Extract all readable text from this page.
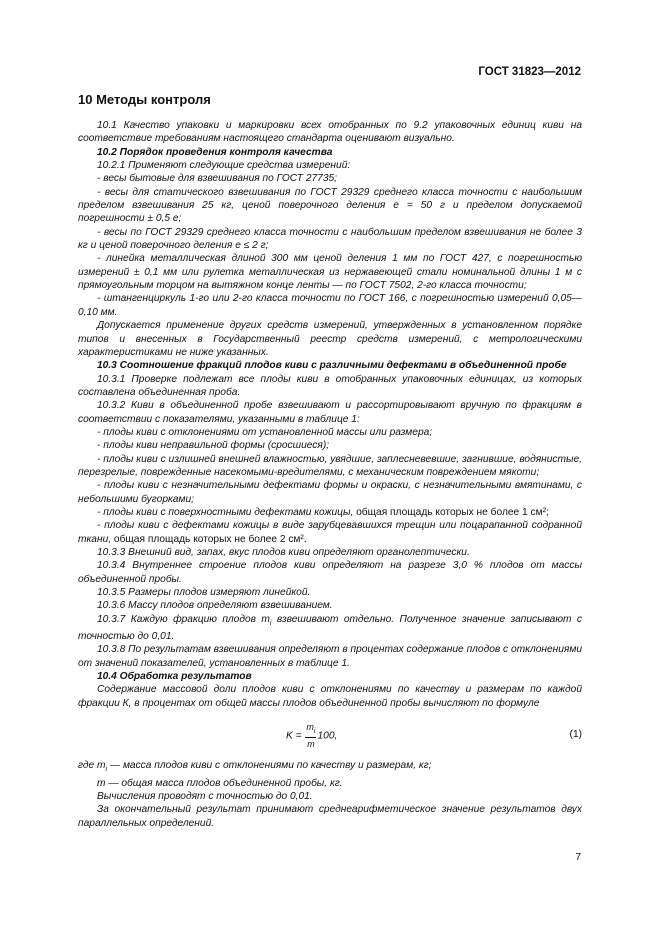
ГОСТ 31823—2012

10 Методы контроля

10.1 Качество упаковки и маркировки всех отобранных по 9.2 упаковочных единиц киви на соответствие требованиям настоящего стандарта оценивают визуально.

10.2 Порядок проведения контроля качества

10.2.1 Применяют следующие средства измерений:

- весы бытовые для взвешивания по ГОСТ 27735;

- весы для статического взвешивания по ГОСТ 29329 среднего класса точности с наибольшим пределом взвешивания 25 кг, ценой поверочного деления е = 50 г и пределом допускаемой погрешности ± 0,5 е;

- весы по ГОСТ 29329 среднего класса точности с наибольшим пределом взвешивания не более 3 кг и ценой поверочного деления е ≤ 2 г;

- линейка металлическая длиной 300 мм ценой деления 1 мм по ГОСТ 427, с погрешностью измерений ± 0,1 мм или рулетка металлическая из нержавеющей стали номинальной длины 1 м с прямоугольным торцом на вытяжном конце ленты — по ГОСТ 7502, 2-го класса точности;

- штангенциркуль 1-го или 2-го класса точности по ГОСТ 166, с погрешностью измерений 0,05—0,10 мм.

Допускается применение других средств измерений, утвержденных в установленном порядке типов и внесенных в Государственный реестр средств измерений, с метрологическими характеристиками не ниже указанных.

10.3 Соотношение фракций плодов киви с различными дефектами в объединенной пробе

10.3.1 Проверке подлежат все плоды киви в отобранных упаковочных единицах, из которых составлена объединенная проба.

10.3.2 Киви в объединенной пробе взвешивают и рассортировывают вручную по фракциям в соответствии с показателями, указанными в таблице 1:

- плоды киви с отклонениями от установленной массы или размера;

- плоды киви неправильной формы (сросшиеся);

- плоды киви с излишней внешней влажностью, увядшие, заплесневевшие, загнившие, водянистые, перезрелые, поврежденные насекомыми-вредителями, с механическим повреждением мякоти;

- плоды киви с незначительными дефектами формы и окраски, с незначительными вмятинами, с небольшими бугорками;

- плоды киви с поверхностными дефектами кожицы, общая площадь которых не более 1 см²;

- плоды киви с дефектами кожицы в виде зарубцевавшихся трещин или поцарапанной содранной ткани, общая площадь которых не более 2 см².

10.3.3 Внешний вид, запах, вкус плодов киви определяют органолептически.

10.3.4 Внутреннее строение плодов киви определяют на разрезе 3,0 % плодов от массы объединенной пробы.

10.3.5 Размеры плодов измеряют линейкой.

10.3.6 Массу плодов определяют взвешиванием.

10.3.7 Каждую фракцию плодов $m_i$ взвешивают отдельно. Полученное значение записывают с точностью до 0,01.

10.3.8 По результатам взвешивания определяют в процентах содержание плодов с отклонениями от значений показателей, установленных в таблице 1.

10.4 Обработка результатов

Содержание массовой доли плодов киви с отклонениями по качеству и размерам по каждой фракции К, в процентах от общей массы плодов объединенной пробы вычисляют по формуле

$K = \frac{m_i}{m} 100$,	(1)

где $m_i$ — масса плодов киви с отклонениями по качеству и размерам, кг;

m — общая масса плодов объединенной пробы, кг.

Вычисления проводят с точностью до 0,01.

За окончательный результат принимают среднеарифметическое значение результатов двух параллельных определений.

7
